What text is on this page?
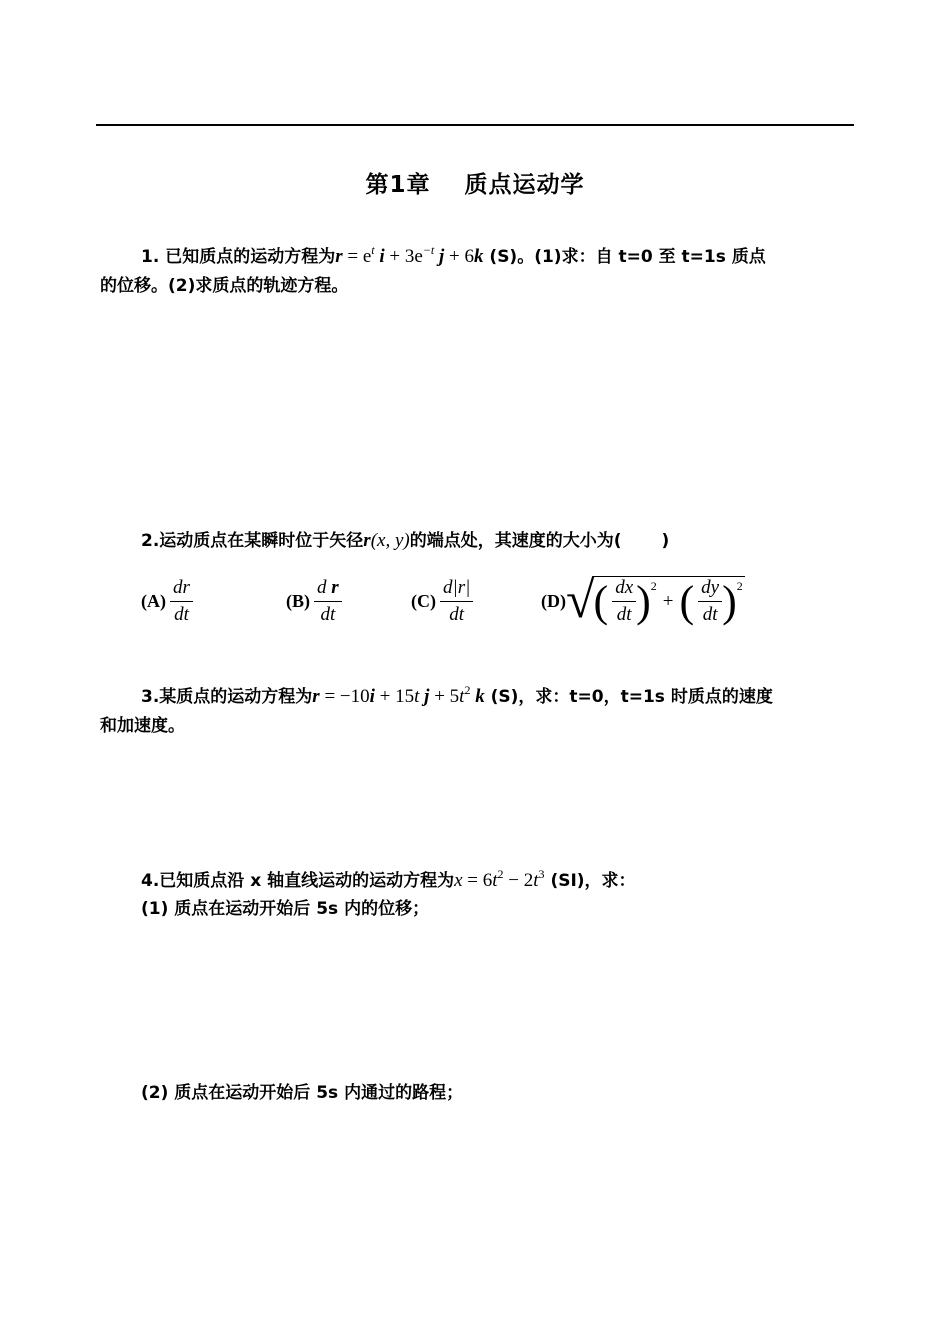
第1章 质点运动学
1. 已知质点的运动方程为$r = e^t$ $i + 3e^{-t}$ j + 6k (S)。(1)求：自 t=0 至 t=1s 质点
的位移。(2)求质点的轨迹方程。
2.运动质点在某瞬时位于矢径r(x, y)的端点处，其速度的大小为( )
$(A) \frac{dr}{dt}$	$(B) \frac{\text{d r}}{dt}$	$(C) \frac{d|r|}{dt}$	(D) √ ( $\frac{dx}{dt}$ ) 2
+ ( $\frac{dy}{dt}$ ) 2
3.某质点的运动方程为r = −10i + 15t $j + 5t^2$ k (S)，求：t=0，t=1s 时质点的速度
和加速度。
4.已知质点沿 x 轴直线运动的运动方程为$x = 6t^2 - 2t^3$ (SI)，求：
(1) 质点在运动开始后 5s 内的位移；
(2) 质点在运动开始后 5s 内通过的路程；
